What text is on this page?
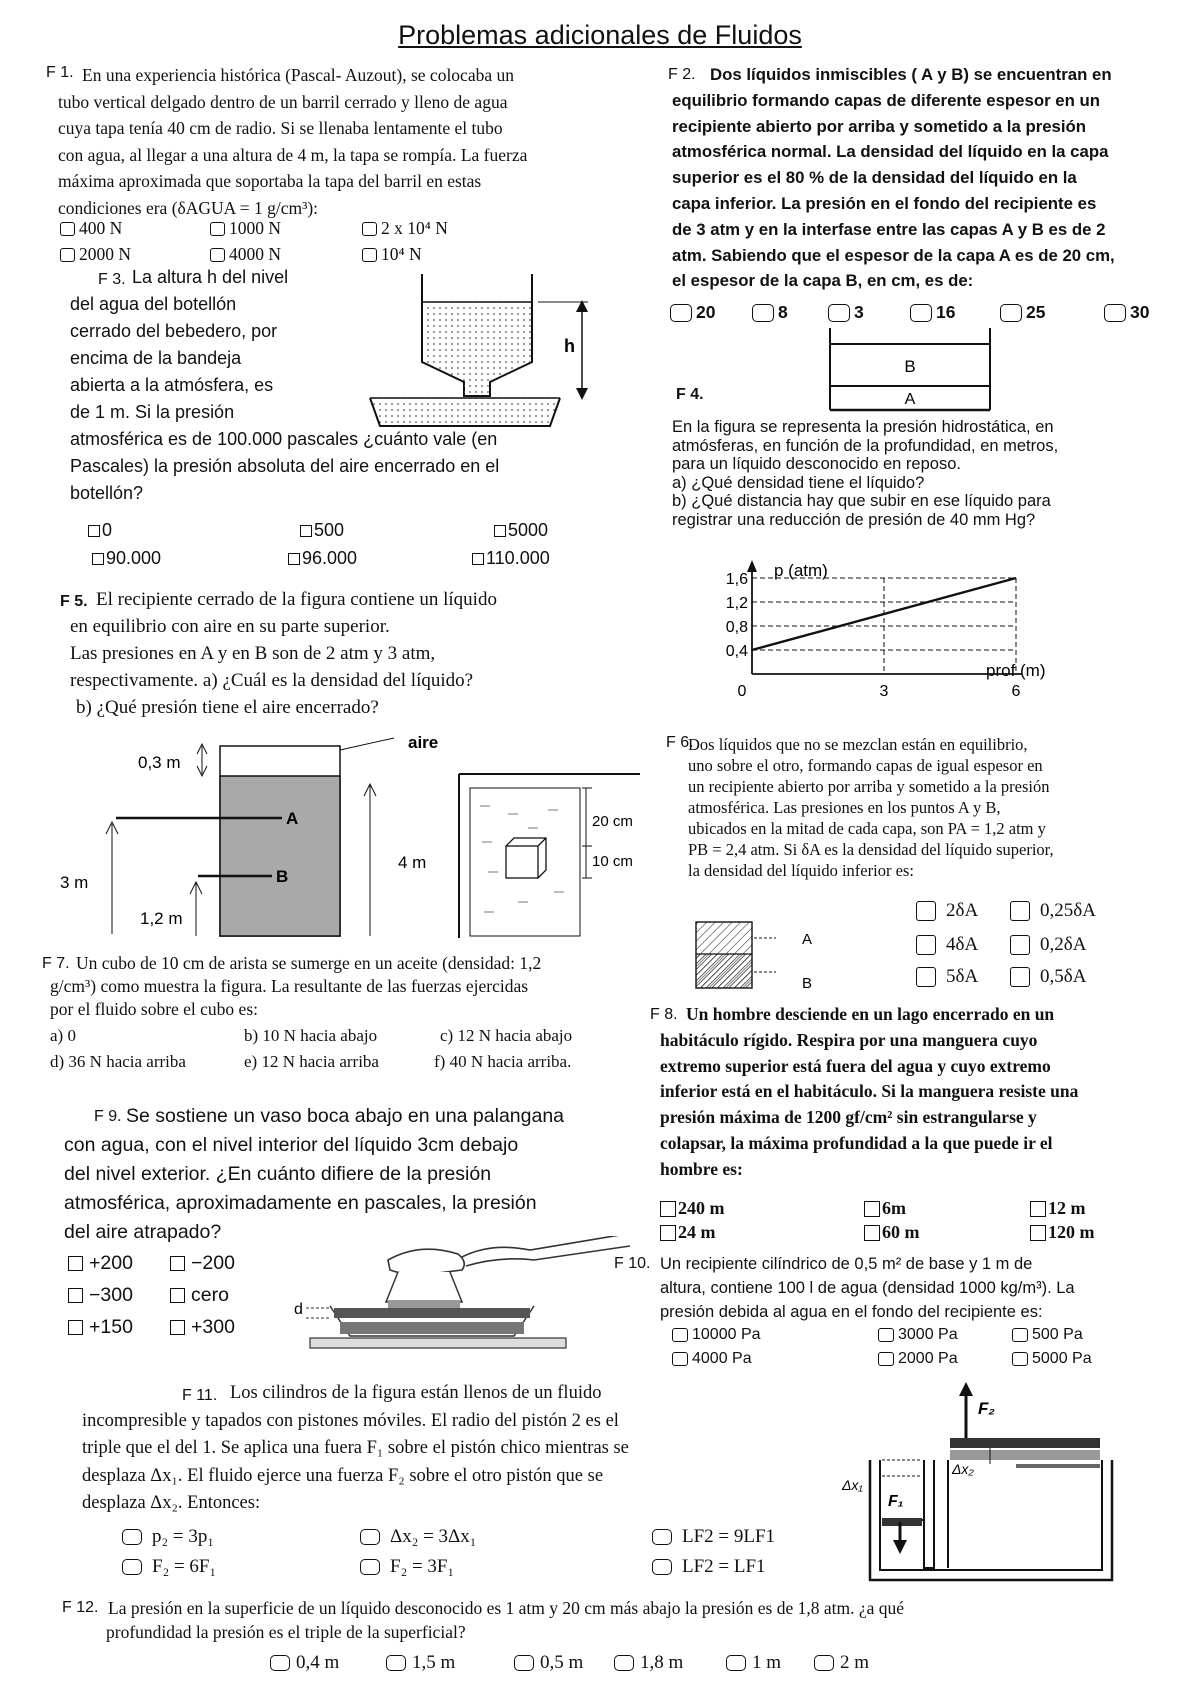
Problemas adicionales de Fluidos
F 1. En una experiencia histórica (Pascal- Auzout), se colocaba un
tubo vertical delgado dentro de un barril cerrado y lleno de agua
cuya tapa tenía 40 cm de radio. Si se llenaba lentamente el tubo
con agua, al llegar a una altura de 4 m, la tapa se rompía. La fuerza
máxima aproximada que soportaba la tapa del barril en estas
condiciones era (δAGUA = 1 g/cm³):
400 N	1000 N	2 x 10⁴ N
2000 N	4000 N	10⁴ N
F 2. Dos líquidos inmiscibles ( A y B) se encuentran en
equilibrio formando capas de diferente espesor en un
recipiente abierto por arriba y sometido a la presión
atmosférica normal. La densidad del líquido en la capa
superior es el 80 % de la densidad del líquido en la
capa inferior. La presión en el fondo del recipiente es
de 3 atm y en la interfase entre las capas A y B es de 2
atm. Sabiendo que el espesor de la capa A es de 20 cm,
el espesor de la capa B, en cm, es de:
20	8	3	16	25	30
B
A
F 3. La altura h del nivel
del agua del botellón
cerrado del bebedero, por
encima de la bandeja
abierta a la atmósfera, es
de 1 m. Si la presión
atmosférica es de 100.000 pascales ¿cuánto vale (en
Pascales) la presión absoluta del aire encerrado en el
botellón?
h
0	500	5000
90.000	96.000	110.000
F 4.
En la figura se representa la presión hidrostática, en
atmósferas, en función de la profundidad, en metros,
para un líquido desconocido en reposo.
a) ¿Qué densidad tiene el líquido?
b) ¿Qué distancia hay que subir en ese líquido para
registrar una reducción de presión de 40 mm Hg?
p (atm)
prof (m)
1,6
1,2
0,8
0,4
0	3	6
F 5. El recipiente cerrado de la figura contiene un líquido
en equilibrio con aire en su parte superior.
Las presiones en A y en B son de 2 atm y 3 atm,
respectivamente. a) ¿Cuál es la densidad del líquido?
b) ¿Qué presión tiene el aire encerrado?
aire
0,3 m
A
B
3 m
4 m
1,2 m
20 cm
10 cm
F 6.
Dos líquidos que no se mezclan están en equilibrio,
uno sobre el otro, formando capas de igual espesor en
un recipiente abierto por arriba y sometido a la presión
atmosférica. Las presiones en los puntos A y B,
ubicados en la mitad de cada capa, son PA = 1,2 atm y
PB = 2,4 atm. Si δA es la densidad del líquido superior,
la densidad del líquido inferior es:
A
B
2δA	0,25δA
4δA	0,2δA
5δA	0,5δA
F 7. Un cubo de 10 cm de arista se sumerge en un aceite (densidad: 1,2
g/cm³) como muestra la figura. La resultante de las fuerzas ejercidas
por el fluido sobre el cubo es:
a) 0	b) 10 N hacia abajo	c) 12 N hacia abajo
d) 36 N hacia arriba	e) 12 N hacia arriba	f) 40 N hacia arriba.
F 8. Un hombre desciende en un lago encerrado en un
habitáculo rígido. Respira por una manguera cuyo
extremo superior está fuera del agua y cuyo extremo
inferior está en el habitáculo. Si la manguera resiste una
presión máxima de 1200 gf/cm² sin estrangularse y
colapsar, la máxima profundidad a la que puede ir el
hombre es:
240 m	6m	12 m
24 m	60 m	120 m
F 9. Se sostiene un vaso boca abajo en una palangana
con agua, con el nivel interior del líquido 3cm debajo
del nivel exterior. ¿En cuánto difiere de la presión
atmosférica, aproximadamente en pascales, la presión
del aire atrapado?
+200	−200
−300	cero
+150	+300
d
F 10. Un recipiente cilíndrico de 0,5 m² de base y 1 m de
altura, contiene 100 l de agua (densidad 1000 kg/m³). La
presión debida al agua en el fondo del recipiente es:
10000 Pa	3000 Pa	500 Pa
4000 Pa	2000 Pa	5000 Pa
F 11. Los cilindros de la figura están llenos de un fluido
incompresible y tapados con pistones móviles. El radio del pistón 2 es el
triple que el del 1. Se aplica una fuera F₁ sobre el pistón chico mientras se
desplaza Δx₁. El fluido ejerce una fuerza F₂ sobre el otro pistón que se
desplaza Δx₂. Entonces:
p₂ = 3p₁	Δx₂ = 3Δx₁	LF2 = 9LF1
F₂ = 6F₁	F₂ = 3F₁	LF2 = LF1
F₂
F₁
Δx₁
Δx₂
F 12. La presión en la superficie de un líquido desconocido es 1 atm y 20 cm más abajo la presión es de 1,8 atm. ¿a qué
profundidad la presión es el triple de la superficial?
0,4 m	1,5 m	0,5 m	1,8 m	1 m	2 m
